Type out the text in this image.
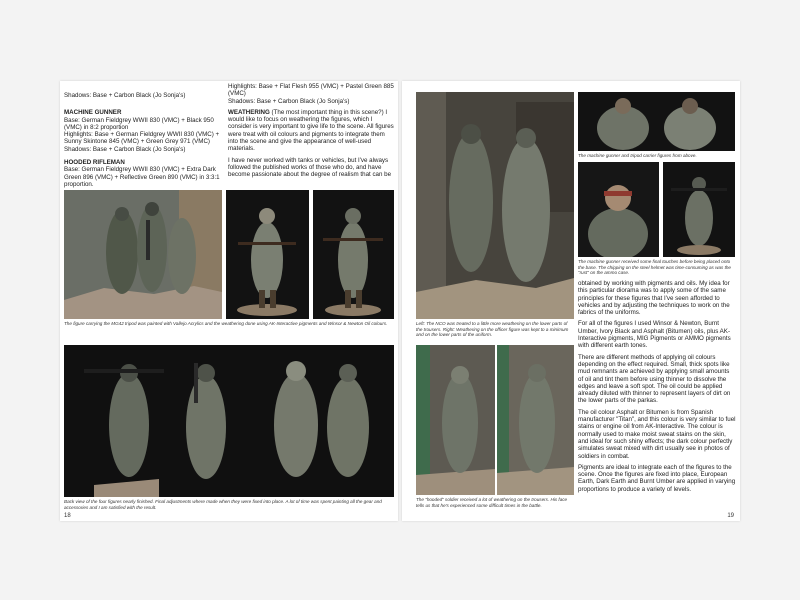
Shadows: Base + Carbon Black (Jo Sonja's)

MACHINE GUNNER

Base: German Fieldgrey WWII 830 (VMC) + Black 950 (VMC) in 8:2 proportion
Highlights: Base + German Fieldgrey WWII 830 (VMC) + Sunny Skintone 845 (VMC) + Green Grey 971 (VMC)
Shadows: Base + Carbon Black (Jo Sonja's)

HOODED RIFLEMAN

Base: German Fieldgrey WWII 830 (VMC) + Extra Dark Green 896 (VMC) + Reflective Green 890 (VMC) in 3:3:1 proportion.
Highlights: Base + Flat Flesh 955 (VMC) + Pastel Green 885 (VMC)
Shadows: Base + Carbon Black (Jo Sonja's)

WEATHERING (The most important thing in this scene?) I would like to focus on weathering the figures, which I consider is very important to give life to the scene. All figures were treat with oil colours and pigments to integrate them into the scene and give the appearance of well-used materials.

I have never worked with tanks or vehicles, but I've always followed the published works of those who do, and have become passionate about the degree of realism that can be

The figure carrying the MG42 tripod was painted with Vallejo Acrylics and the weathering done using AK-Interactive pigments and Winsor & Newton Oil colours.

Back view of the four figures nearly finished. Final adjustments where made when they were fixed into place. A lot of time was spent painting all the gear and accessories and I am satisfied with the result.

18

Left: The NCO was treated to a little more weathering on the lower parts of the trousers. Right: Weathering on the officer figure was kept to a minimum and on the lower parts of the uniform.

The machine gunner and tripod carrier figures from above.

The machine gunner received some final touches before being placed onto the base. The chipping on the steel helmet was time-consuming as was the "rust" on the ammo case.

obtained by working with pigments and oils. My idea for this particular diorama was to apply some of the same principles for these figures that I've seen afforded to vehicles and by adjusting the techniques to work on the fabrics of the uniforms.

For all of the figures I used Winsor & Newton, Burnt Umber, Ivory Black and Asphalt (Bitumen) oils, plus AK-Interactive pigments, MIG Pigments or AMMO pigments with different earth tones.

There are different methods of applying oil colours depending on the effect required. Small, thick spots like mud remnants are achieved by applying small amounts of oil and tint them before using thinner to dissolve the edges and leave a soft spot. The oil could be applied already diluted with thinner to represent layers of dirt on the lower parts of the parkas.

The oil colour Asphalt or Bitumen is from Spanish manufacturer "Titan", and this colour is very similar to fuel stains or engine oil from AK-Interactive. The colour is normally used to make moist sweat stains on the skin, and ideal for such shiny effects; the dark colour perfectly simulates sweat mixed with dirt usually see in photos of soldiers in combat.

Pigments are ideal to integrate each of the figures to the scene. Once the figures are fixed into place, European Earth, Dark Earth and Burnt Umber are applied in varying proportions to produce a variety of levels.

The "hooded" soldier received a lot of weathering on the trousers. His face tells us that he's experienced some difficult times in the battle.

19
